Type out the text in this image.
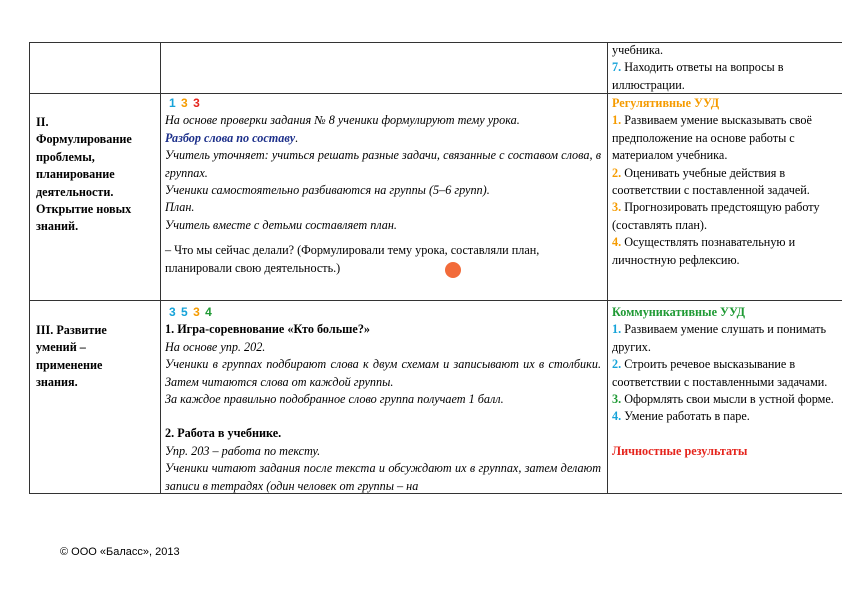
учебника.
7. Находить ответы на вопросы в
иллюстрации.
II.
Формулирование
проблемы,
планирование
деятельности.
Открытие новых
знаний.
1 3 3
На основе проверки задания № 8 ученики формулируют тему урока.
Разбор слова по составу.
Учитель уточняет: учиться решать разные задачи, связанные с составом слова, в группах.
Ученики самостоятельно разбиваются на группы (5–6 групп).
План.
Учитель вместе с детьми составляет план.
– Что мы сейчас делали? (Формулировали тему урока, составляли план, планировали свою деятельность.)
Регулятивные УУД
1. Развиваем умение высказывать своё предположение на основе работы с материалом учебника.
2. Оценивать учебные действия в соответствии с поставленной задачей.
3. Прогнозировать предстоящую работу (составлять план).
4. Осуществлять познавательную и личностную рефлексию.
III. Развитие
умений –
применение
знания.
3 5 3 4
1. Игра-соревнование «Кто больше?»
На основе упр. 202.
Ученики в группах подбирают слова к двум схемам и записывают их в столбики. Затем читаются слова от каждой группы.
За каждое правильно подобранное слово группа получает 1 балл.
2. Работа в учебнике.
Упр. 203 – работа по тексту.
Ученики читают задания после текста и обсуждают их в группах, затем делают записи в тетрадях (один человек от группы – на
Коммуникативные УУД
1. Развиваем умение слушать и понимать других.
2. Строить речевое высказывание в соответствии с поставленными задачами.
3. Оформлять свои мысли в устной форме.
4. Умение работать в паре.
Личностные результаты
© ООО «Баласс», 2013
